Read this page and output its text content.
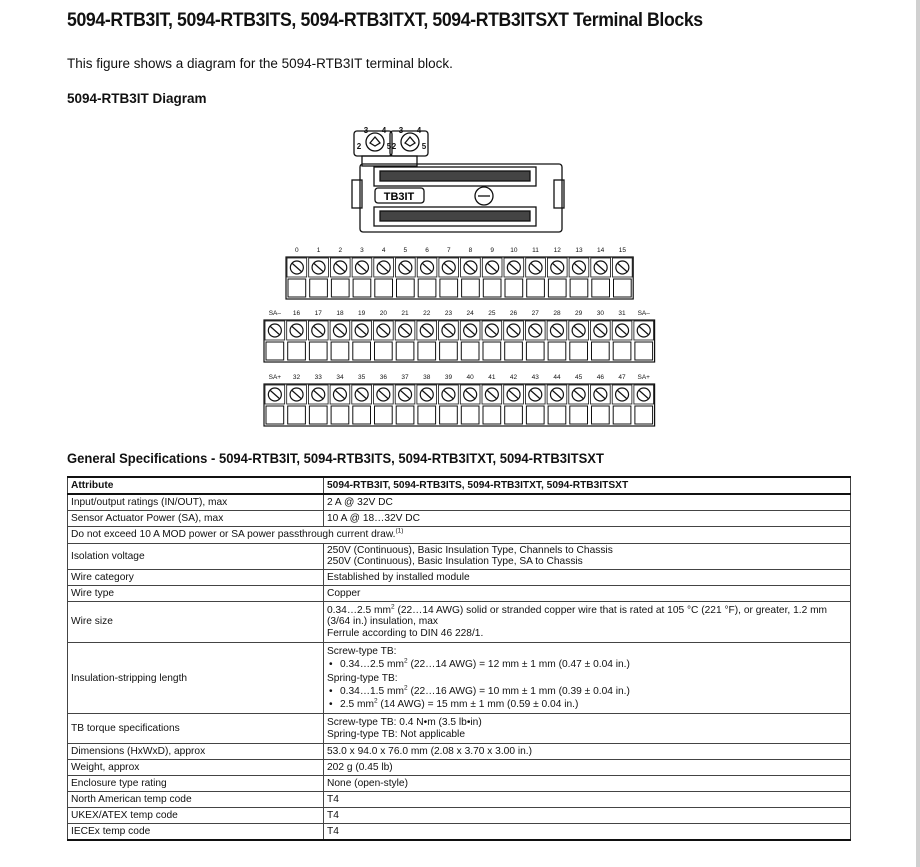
5094-RTB3IT, 5094-RTB3ITS, 5094-RTB3ITXT, 5094-RTB3ITSXT Terminal Blocks

This figure shows a diagram for the 5094-RTB3IT terminal block.

5094-RTB3IT Diagram
TB3IT
2
3 4
5 2
3 4
5
0	1	2	3	4	5	6	7	8	9	10 11 12 13 14 15
SA– 16 17 18 19 20 21 22 23 24 25 26 27 28 29 30 31 SA–
SA+ 32 33 34 35 36 37 38 39 40 41 42 43 44 45 46 47 SA+
General Specifications - 5094-RTB3IT, 5094-RTB3ITS, 5094-RTB3ITXT, 5094-RTB3ITSXT
Attribute	5094-RTB3IT, 5094-RTB3ITS, 5094-RTB3ITXT, 5094-RTB3ITSXT
Input/output ratings (IN/OUT), max	2 A @ 32V DC
Sensor Actuator Power (SA), max	10 A @ 18…32V DC
Do not exceed 10 A MOD power or SA power passthrough current draw.$^{(1)}$
Isolation voltage	250V (Continuous), Basic Insulation Type, Channels to Chassis
250V (Continuous), Basic Insulation Type, SA to Chassis

Wire category	Established by installed module
Wire type	Copper
Wire size	0.34…2.5 $mm^2$ (22…14 AWG) solid or stranded copper wire that is rated at 105 °C (221 °F), or greater, 1.2 mm (3/64 in.) insulation, max
Ferrule according to DIN 46 228/1.

Insulation-stripping length	Screw-type TB:
• 0.34…2.5 $mm^2$ (22…14 AWG) = 12 mm ± 1 mm (0.47 ± 0.04 in.)
Spring-type TB:
• 0.34…1.5 $mm^2$ (22…16 AWG) = 10 mm ± 1 mm (0.39 ± 0.04 in.)
• 2.5 $mm^2$ (14 AWG) = 15 mm ± 1 mm (0.59 ± 0.04 in.)

TB torque specifications	Screw-type TB: 0.4 N•m (3.5 lb•in)
Spring-type TB: Not applicable

Dimensions (HxWxD), approx	53.0 x 94.0 x 76.0 mm (2.08 x 3.70 x 3.00 in.)
Weight, approx	202 g (0.45 lb)
Enclosure type rating	None (open-style)
North American temp code	T4
UKEX/ATEX temp code	T4
IECEx temp code	T4
